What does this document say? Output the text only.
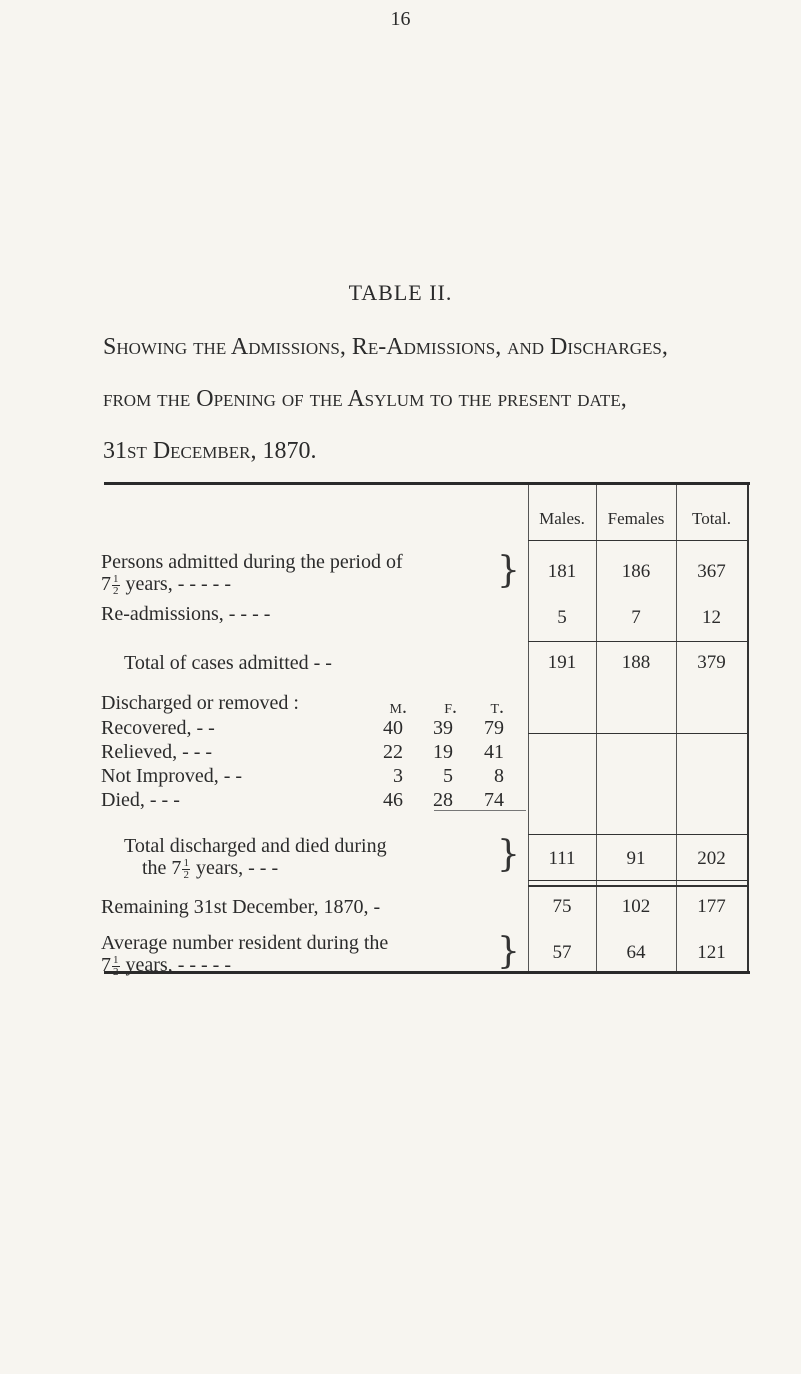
16
TABLE II.
Showing the Admissions, Re-Admissions, and Discharges,
from the Opening of the Asylum to the present date,
31st December, 1870.
Males.	Females	Total.
Persons admitted during the period of
$7 \frac{1}{2}$ years, - - - - -	}	181	186	367
Re-admissions, - - - -	5	7	12
Total of cases admitted - -	191	188	379
Discharged or removed :	m.	f.	t.
Recovered, - -	40	39	79
Relieved, - - -	22	19	41
Not Improved, - -	3	5	8
Died, - - -	46	28	74
Total discharged and died during
the $7 \frac{1}{2}$ years, - - -	}	111	91	202
Remaining 31st December, 1870, -	75	102	177
Average number resident during the
$7 \frac{1}{2}$ years, - - - - -	}	57	64	121
